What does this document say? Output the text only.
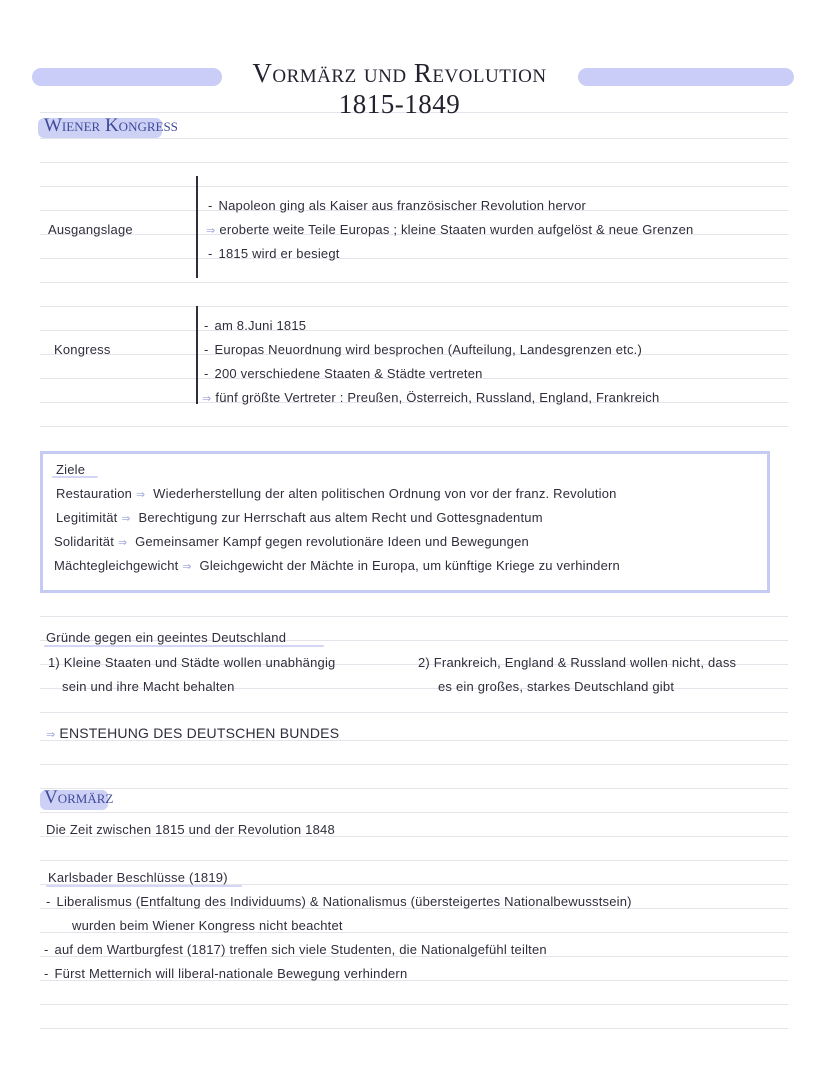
Vormärz und Revolution 1815-1849
Wiener Kongress
Ausgangslage
- Napoleon ging als Kaiser aus französischer Revolution hervor
⇒ eroberte weite Teile Europas ; kleine Staaten wurden aufgelöst & neue Grenzen
- 1815 wird er besiegt
Kongress
- am 8.Juni 1815
- Europas Neuordnung wird besprochen (Aufteilung, Landesgrenzen etc.)
- 200 verschiedene Staaten & Städte vertreten
⇒ fünf größte Vertreter : Preußen, Österreich, Russland, England, Frankreich
Ziele
Restauration ⇒ Wiederherstellung der alten politischen Ordnung von vor der franz. Revolution
Legitimität ⇒ Berechtigung zur Herrschaft aus altem Recht und Gottesgnadentum
Solidarität ⇒ Gemeinsamer Kampf gegen revolutionäre Ideen und Bewegungen
Mächtegleichgewicht ⇒ Gleichgewicht der Mächte in Europa, um künftige Kriege zu verhindern
Gründe gegen ein geeintes Deutschland
1) Kleine Staaten und Städte wollen unabhängig
sein und ihre Macht behalten
2) Frankreich, England & Russland wollen nicht, dass
es ein großes, starkes Deutschland gibt
⇒ ENSTEHUNG DES DEUTSCHEN BUNDES
Vormärz
Die Zeit zwischen 1815 und der Revolution 1848
Karlsbader Beschlüsse (1819)
- Liberalismus (Entfaltung des Individuums) & Nationalismus (übersteigertes Nationalbewusstsein)
wurden beim Wiener Kongress nicht beachtet
- auf dem Wartburgfest (1817) treffen sich viele Studenten, die Nationalgefühl teilten
- Fürst Metternich will liberal-nationale Bewegung verhindern
